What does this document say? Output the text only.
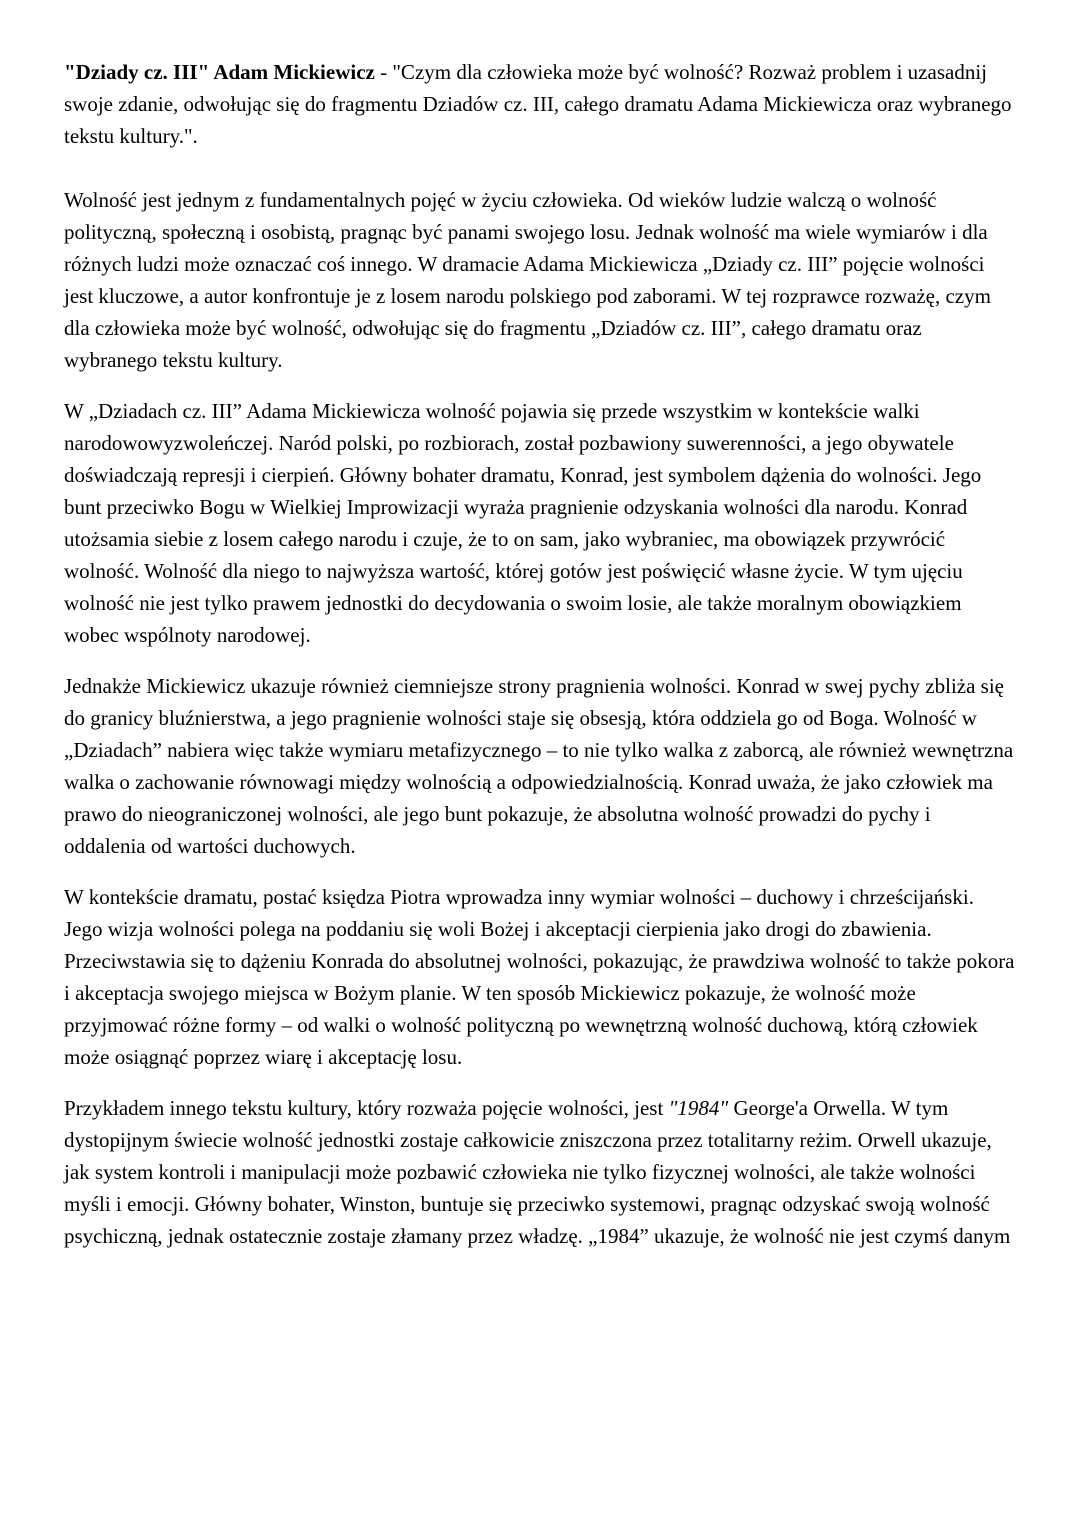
"Dziady cz. III" Adam Mickiewicz - "Czym dla człowieka może być wolność? Rozważ problem i uzasadnij swoje zdanie, odwołując się do fragmentu Dziadów cz. III, całego dramatu Adama Mickiewicza oraz wybranego tekstu kultury.".

Wolność jest jednym z fundamentalnych pojęć w życiu człowieka. Od wieków ludzie walczą o wolność polityczną, społeczną i osobistą, pragnąc być panami swojego losu. Jednak wolność ma wiele wymiarów i dla różnych ludzi może oznaczać coś innego. W dramacie Adama Mickiewicza „Dziady cz. III” pojęcie wolności jest kluczowe, a autor konfrontuje je z losem narodu polskiego pod zaborami. W tej rozprawce rozważę, czym dla człowieka może być wolność, odwołując się do fragmentu „Dziadów cz. III”, całego dramatu oraz wybranego tekstu kultury.

W „Dziadach cz. III” Adama Mickiewicza wolność pojawia się przede wszystkim w kontekście walki narodowowyzwoleńczej. Naród polski, po rozbiorach, został pozbawiony suwerenności, a jego obywatele doświadczają represji i cierpień. Główny bohater dramatu, Konrad, jest symbolem dążenia do wolności. Jego bunt przeciwko Bogu w Wielkiej Improwizacji wyraża pragnienie odzyskania wolności dla narodu. Konrad utożsamia siebie z losem całego narodu i czuje, że to on sam, jako wybraniec, ma obowiązek przywrócić wolność. Wolność dla niego to najwyższa wartość, której gotów jest poświęcić własne życie. W tym ujęciu wolność nie jest tylko prawem jednostki do decydowania o swoim losie, ale także moralnym obowiązkiem wobec wspólnoty narodowej.

Jednakże Mickiewicz ukazuje również ciemniejsze strony pragnienia wolności. Konrad w swej pychy zbliża się do granicy bluźnierstwa, a jego pragnienie wolności staje się obsesją, która oddziela go od Boga. Wolność w „Dziadach” nabiera więc także wymiaru metafizycznego – to nie tylko walka z zaborcą, ale również wewnętrzna walka o zachowanie równowagi między wolnością a odpowiedzialnością. Konrad uważa, że jako człowiek ma prawo do nieograniczonej wolności, ale jego bunt pokazuje, że absolutna wolność prowadzi do pychy i oddalenia od wartości duchowych.

W kontekście dramatu, postać księdza Piotra wprowadza inny wymiar wolności – duchowy i chrześcijański. Jego wizja wolności polega na poddaniu się woli Bożej i akceptacji cierpienia jako drogi do zbawienia. Przeciwstawia się to dążeniu Konrada do absolutnej wolności, pokazując, że prawdziwa wolność to także pokora i akceptacja swojego miejsca w Bożym planie. W ten sposób Mickiewicz pokazuje, że wolność może przyjmować różne formy – od walki o wolność polityczną po wewnętrzną wolność duchową, którą człowiek może osiągnąć poprzez wiarę i akceptację losu.

Przykładem innego tekstu kultury, który rozważa pojęcie wolności, jest "1984" George'a Orwella. W tym dystopijnym świecie wolność jednostki zostaje całkowicie zniszczona przez totalitarny reżim. Orwell ukazuje, jak system kontroli i manipulacji może pozbawić człowieka nie tylko fizycznej wolności, ale także wolności myśli i emocji. Główny bohater, Winston, buntuje się przeciwko systemowi, pragnąc odzyskać swoją wolność psychiczną, jednak ostatecznie zostaje złamany przez władzę. „1984” ukazuje, że wolność nie jest czymś danym
